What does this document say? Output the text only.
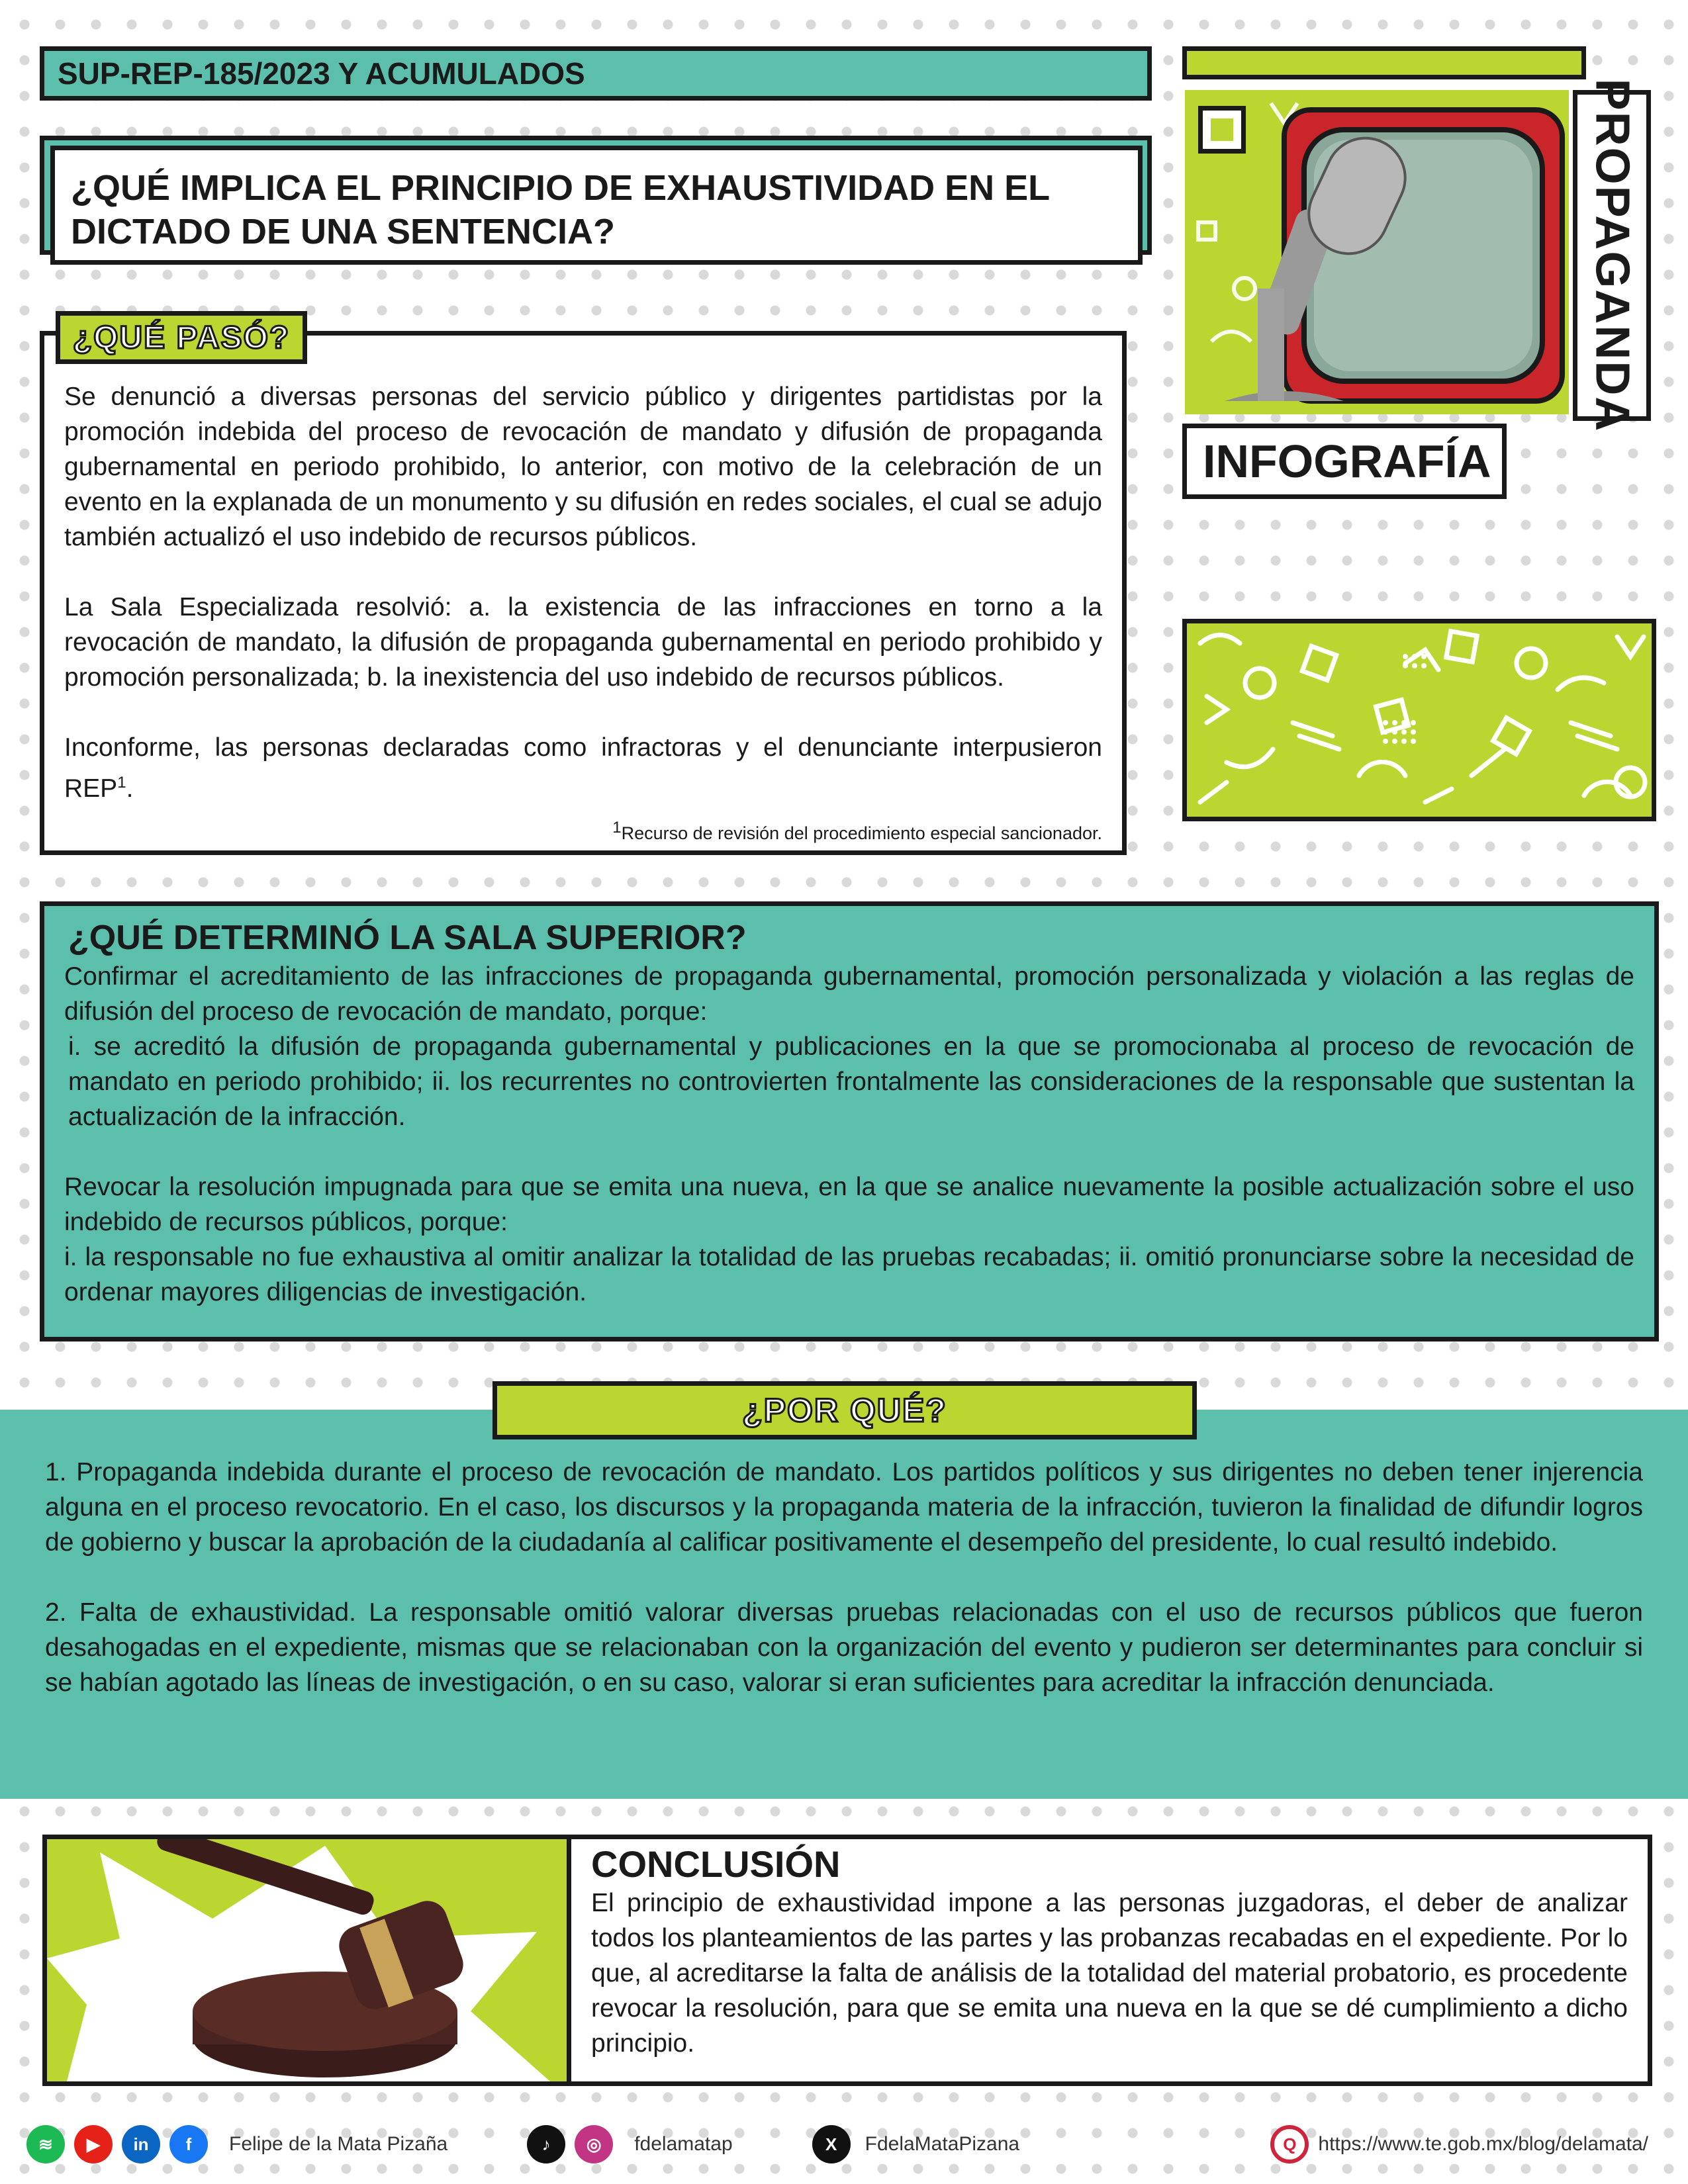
SUP-REP-185/2023 Y ACUMULADOS
¿QUÉ IMPLICA EL PRINCIPIO DE EXHAUSTIVIDAD EN EL
DICTADO DE UNA SENTENCIA?

Se denunció a diversas personas del servicio público y dirigentes partidistas por la promoción indebida del proceso de revocación de mandato y difusión de propaganda gubernamental en periodo prohibido, lo anterior, con motivo de la celebración de un evento en la explanada de un monumento y su difusión en redes sociales, el cual se adujo también actualizó el uso indebido de recursos públicos.

La Sala Especializada resolvió: a. la existencia de las infracciones en torno a la revocación de mandato, la difusión de propaganda gubernamental en periodo prohibido y promoción personalizada; b. la inexistencia del uso indebido de recursos públicos.

Inconforme, las personas declaradas como infractoras y el denunciante interpusieron REP$^1$.

$^1$Recurso de revisión del procedimiento especial sancionador.

¿QUÉ PASÓ?	PROPAGANDA
INFOGRAFÍA
¿QUÉ DETERMINÓ LA SALA SUPERIOR?
Confirmar el acreditamiento de las infracciones de propaganda gubernamental, promoción personalizada y violación a las reglas de difusión del proceso de revocación de mandato, porque:

i. se acreditó la difusión de propaganda gubernamental y publicaciones en la que se promocionaba al proceso de revocación de mandato en periodo prohibido; ii. los recurrentes no controvierten frontalmente las consideraciones de la responsable que sustentan la actualización de la infracción.

Revocar la resolución impugnada para que se emita una nueva, en la que se analice nuevamente la posible actualización sobre el uso indebido de recursos públicos, porque:
i. la responsable no fue exhaustiva al omitir analizar la totalidad de las pruebas recabadas; ii. omitió pronunciarse sobre la necesidad de ordenar mayores diligencias de investigación.
¿POR QUÉ?

1. Propaganda indebida durante el proceso de revocación de mandato. Los partidos políticos y sus dirigentes no deben tener injerencia alguna en el proceso revocatorio. En el caso, los discursos y la propaganda materia de la infracción, tuvieron la finalidad de difundir logros de gobierno y buscar la aprobación de la ciudadanía al calificar positivamente el desempeño del presidente, lo cual resultó indebido.

2. Falta de exhaustividad. La responsable omitió valorar diversas pruebas relacionadas con el uso de recursos públicos que fueron desahogadas en el expediente, mismas que se relacionaban con la organización del evento y pudieron ser determinantes para concluir si se habían agotado las líneas de investigación, o en su caso, valorar si eran suficientes para acreditar la infracción denunciada.

CONCLUSIÓN

El principio de exhaustividad impone a las personas juzgadoras, el deber de analizar todos los planteamientos de las partes y las probanzas recabadas en el expediente. Por lo que, al acreditarse la falta de análisis de la totalidad del material probatorio, es procedente revocar la resolución, para que se emita una nueva en la que se dé cumplimiento a dicho principio.

≋	▶	in	f	Felipe de la Mata Pizaña	♪	◎	fdelamatap	X	FdelaMataPizana	Q	https://www.te.gob.mx/blog/delamata/
